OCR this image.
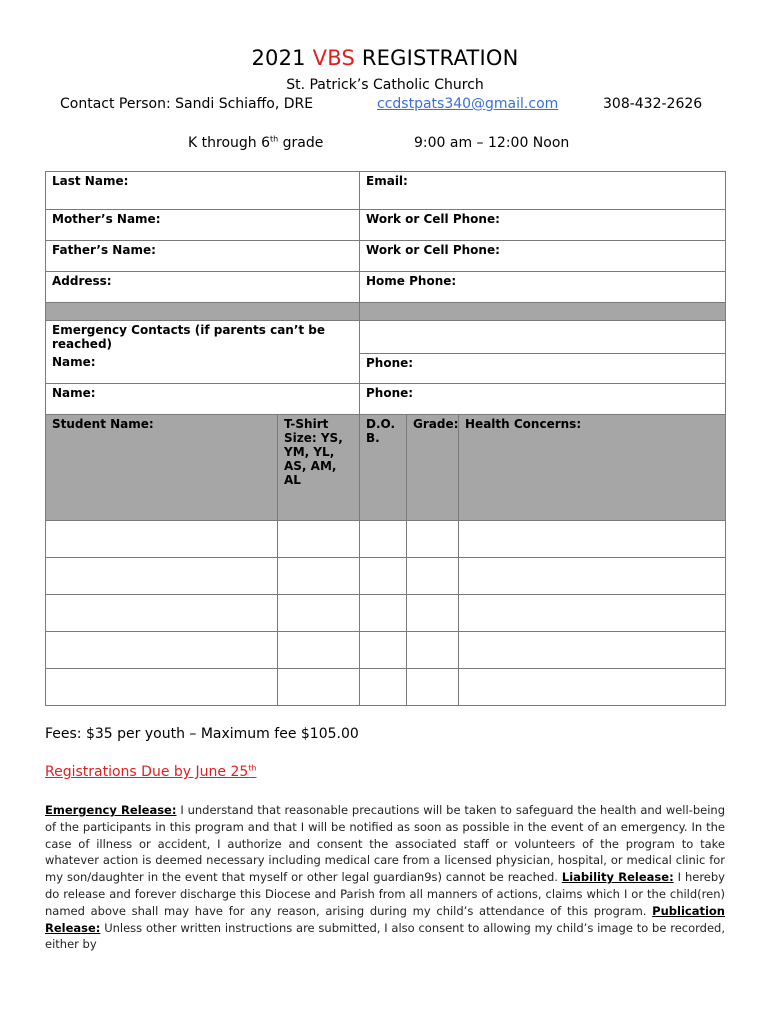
2021 VBS REGISTRATION
St. Patrick’s Catholic Church
Contact Person: Sandi Schiaffo, DRE	ccdstpats340@gmail.com	308-432-2626
K through 6th grade	9:00 am – 12:00 Noon
Last Name:		Email:		
Mother’s Name:		Work or Cell Phone:		
Father’s Name:		Work or Cell Phone:		
Address:		Home Phone:		

Emergency Contacts (if parents can’t be reached)				
Name:		Phone:		
Name:		Phone:		
Student Name:	T-Shirt Size: YS, YM, YL, AS, AM, AL	D.O. B.	Grade:	Health Concerns:

Fees: $35 per youth – Maximum fee $105.00
Registrations Due by June 25th
Emergency Release: I understand that reasonable precautions will be taken to safeguard the health and well-being of the participants in this program and that I will be notified as soon as possible in the event of an emergency. In the case of illness or accident, I authorize and consent the associated staff or volunteers of the program to take whatever action is deemed necessary including medical care from a licensed physician, hospital, or medical clinic for my son/daughter in the event that myself or other legal guardian9s) cannot be reached. Liability Release: I hereby do release and forever discharge this Diocese and Parish from all manners of actions, claims which I or the child(ren) named above shall may have for any reason, arising during my child’s attendance of this program. Publication Release: Unless other written instructions are submitted, I also consent to allowing my child’s image to be recorded, either by
